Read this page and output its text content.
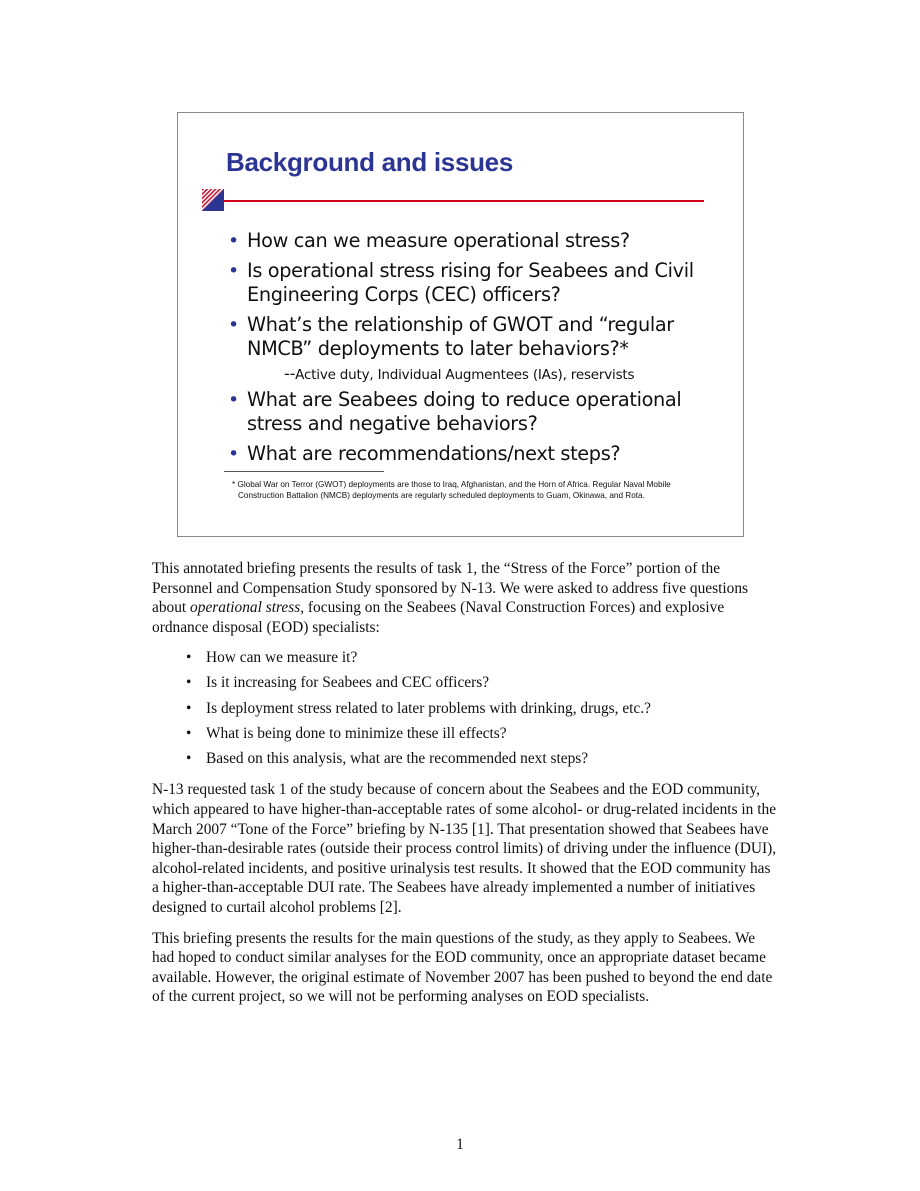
Background and issues
• How can we measure operational stress?
• Is operational stress rising for Seabees and Civil Engineering Corps (CEC) officers?
• What’s the relationship of GWOT and “regular NMCB” deployments to later behaviors?*
--Active duty, Individual Augmentees (IAs), reservists
• What are Seabees doing to reduce operational stress and negative behaviors?
• What are recommendations/next steps?

* Global War on Terror (GWOT) deployments are those to Iraq, Afghanistan, and the Horn of Africa. Regular Naval Mobile Construction Battalion (NMCB) deployments are regularly scheduled deployments to Guam, Okinawa, and Rota.

This annotated briefing presents the results of task 1, the “Stress of the Force” portion of the Personnel and Compensation Study sponsored by N-13. We were asked to address five questions about operational stress, focusing on the Seabees (Naval Construction Forces) and explosive ordnance disposal (EOD) specialists:

• How can we measure it?
• Is it increasing for Seabees and CEC officers?
• Is deployment stress related to later problems with drinking, drugs, etc.?
• What is being done to minimize these ill effects?
• Based on this analysis, what are the recommended next steps?

N-13 requested task 1 of the study because of concern about the Seabees and the EOD community, which appeared to have higher-than-acceptable rates of some alcohol- or drug-related incidents in the March 2007 “Tone of the Force” briefing by N-135 [1]. That presentation showed that Seabees have higher-than-desirable rates (outside their process control limits) of driving under the influence (DUI), alcohol-related incidents, and positive urinalysis test results. It showed that the EOD community has a higher-than-acceptable DUI rate. The Seabees have already implemented a number of initiatives designed to curtail alcohol problems [2].

This briefing presents the results for the main questions of the study, as they apply to Seabees. We had hoped to conduct similar analyses for the EOD community, once an appropriate dataset became available. However, the original estimate of November 2007 has been pushed to beyond the end date of the current project, so we will not be performing analyses on EOD specialists.

1
